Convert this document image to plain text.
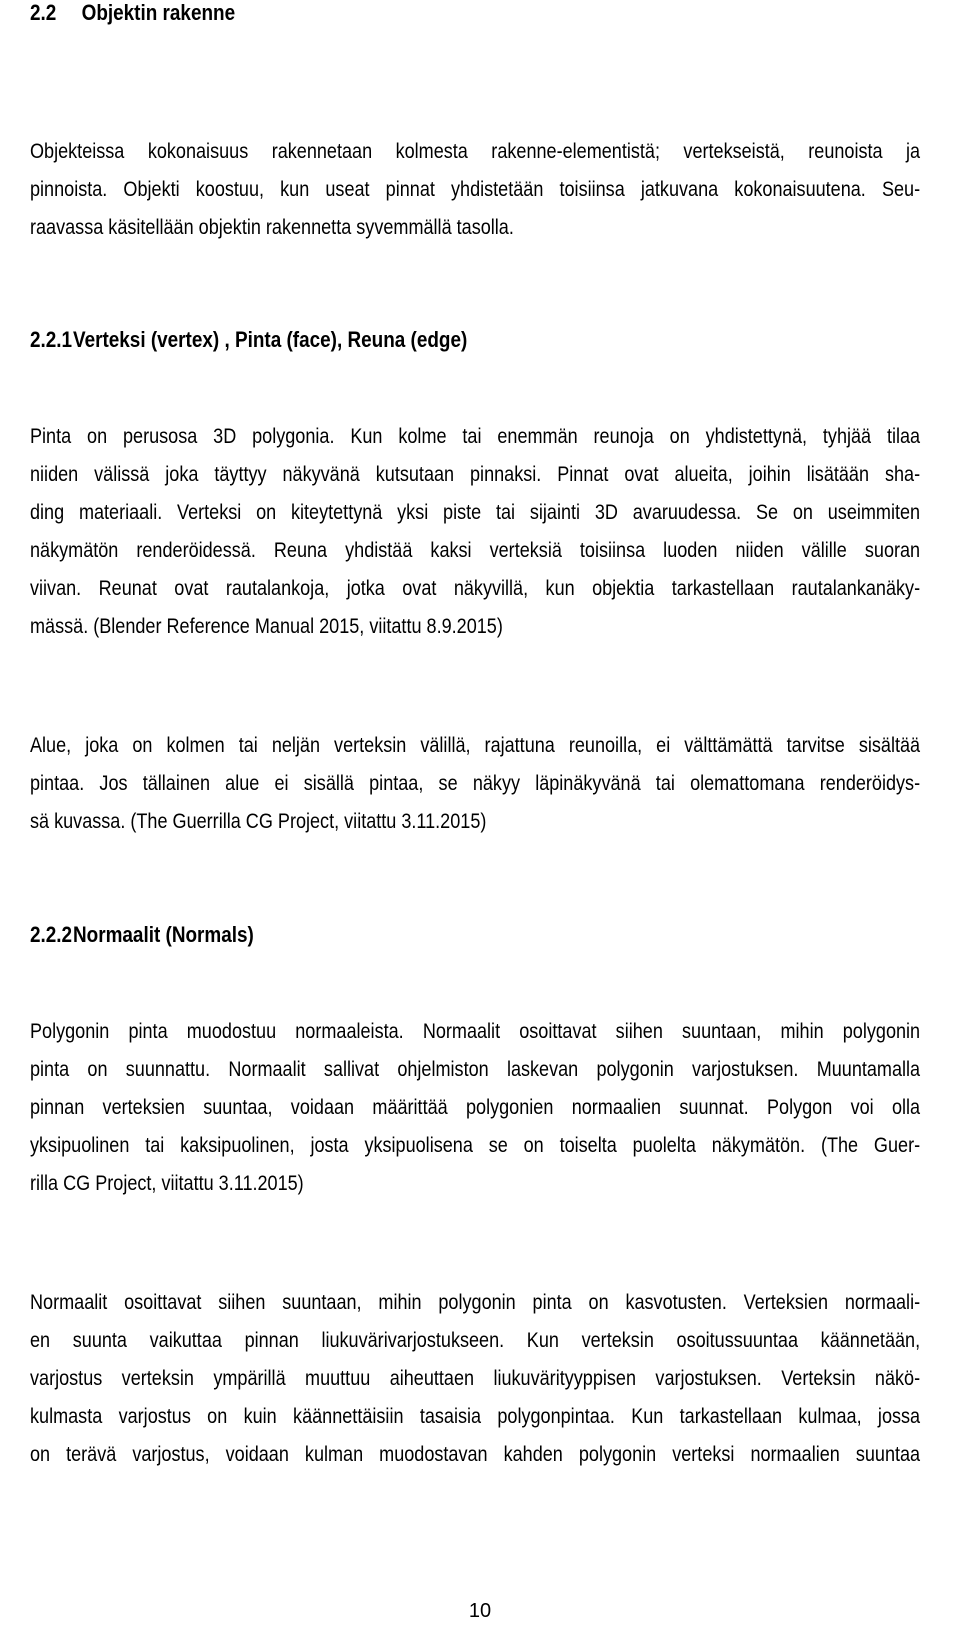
2.2 Objektin rakenne

Objekteissa kokonaisuus rakennetaan kolmesta rakenne-elementistä; vertekseistä, reunoista ja

pinnoista. Objekti koostuu, kun useat pinnat yhdistetään toisiinsa jatkuvana kokonaisuutena. Seu-

raavassa käsitellään objektin rakennetta syvemmällä tasolla.

2.2.1Verteksi (vertex) , Pinta (face), Reuna (edge)

Pinta on perusosa 3D polygonia. Kun kolme tai enemmän reunoja on yhdistettynä, tyhjää tilaa

niiden välissä joka täyttyy näkyvänä kutsutaan pinnaksi. Pinnat ovat alueita, joihin lisätään sha-

ding materiaali. Verteksi on kiteytettynä yksi piste tai sijainti 3D avaruudessa. Se on useimmiten

näkymätön renderöidessä. Reuna yhdistää kaksi verteksiä toisiinsa luoden niiden välille suoran

viivan. Reunat ovat rautalankoja, jotka ovat näkyvillä, kun objektia tarkastellaan rautalankanäky-

mässä. (Blender Reference Manual 2015, viitattu 8.9.2015)

Alue, joka on kolmen tai neljän verteksin välillä, rajattuna reunoilla, ei välttämättä tarvitse sisältää

pintaa. Jos tällainen alue ei sisällä pintaa, se näkyy läpinäkyvänä tai olemattomana renderöidys-

sä kuvassa. (The Guerrilla CG Project, viitattu 3.11.2015)

2.2.2Normaalit (Normals)

Polygonin pinta muodostuu normaaleista. Normaalit osoittavat siihen suuntaan, mihin polygonin

pinta on suunnattu. Normaalit sallivat ohjelmiston laskevan polygonin varjostuksen. Muuntamalla

pinnan verteksien suuntaa, voidaan määrittää polygonien normaalien suunnat. Polygon voi olla

yksipuolinen tai kaksipuolinen, josta yksipuolisena se on toiselta puolelta näkymätön. (The Guer-

rilla CG Project, viitattu 3.11.2015)

Normaalit osoittavat siihen suuntaan, mihin polygonin pinta on kasvotusten. Verteksien normaali-

en suunta vaikuttaa pinnan liukuvärivarjostukseen. Kun verteksin osoitussuuntaa käännetään,

varjostus verteksin ympärillä muuttuu aiheuttaen liukuvärityyppisen varjostuksen. Verteksin näkö-

kulmasta varjostus on kuin käännettäisiin tasaisia polygonpintaa. Kun tarkastellaan kulmaa, jossa

on terävä varjostus, voidaan kulman muodostavan kahden polygonin verteksi normaalien suuntaa

10
